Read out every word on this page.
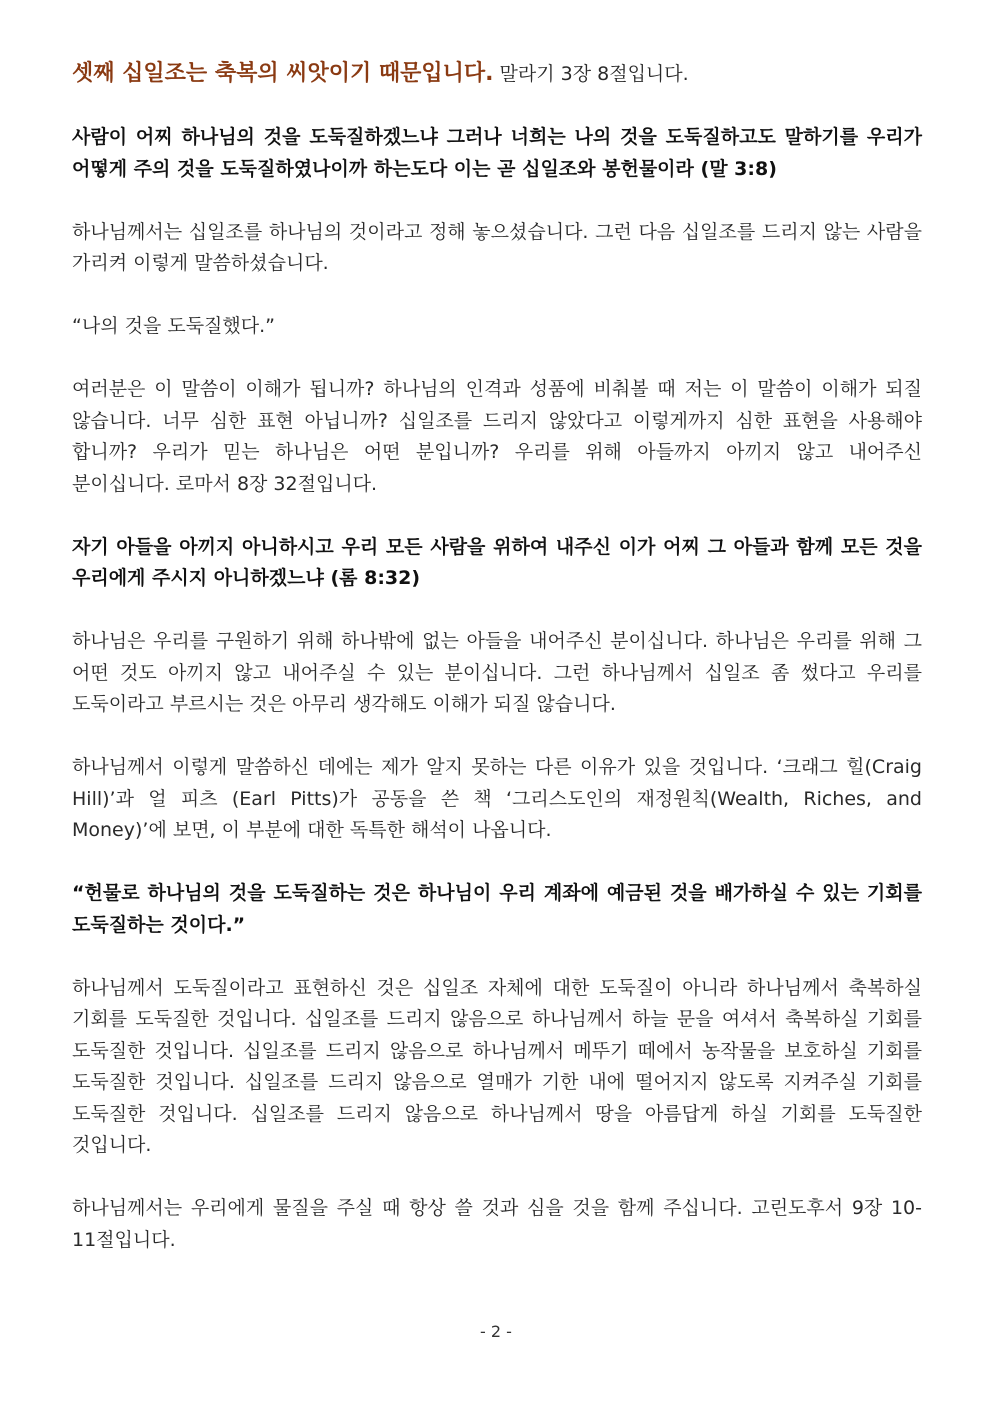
셋째 십일조는 축복의 씨앗이기 때문입니다. 말라기 3장 8절입니다.

사람이 어찌 하나님의 것을 도둑질하겠느냐 그러나 너희는 나의 것을 도둑질하고도 말하기를 우리가 어떻게 주의 것을 도둑질하였나이까 하는도다 이는 곧 십일조와 봉헌물이라 (말 3:8)

하나님께서는 십일조를 하나님의 것이라고 정해 놓으셨습니다. 그런 다음 십일조를 드리지 않는 사람을 가리켜 이렇게 말씀하셨습니다.

“나의 것을 도둑질했다.”

여러분은 이 말씀이 이해가 됩니까? 하나님의 인격과 성품에 비춰볼 때 저는 이 말씀이 이해가 되질 않습니다. 너무 심한 표현 아닙니까? 십일조를 드리지 않았다고 이렇게까지 심한 표현을 사용해야 합니까? 우리가 믿는 하나님은 어떤 분입니까? 우리를 위해 아들까지 아끼지 않고 내어주신 분이십니다. 로마서 8장 32절입니다.

자기 아들을 아끼지 아니하시고 우리 모든 사람을 위하여 내주신 이가 어찌 그 아들과 함께 모든 것을 우리에게 주시지 아니하겠느냐 (롬 8:32)

하나님은 우리를 구원하기 위해 하나밖에 없는 아들을 내어주신 분이십니다. 하나님은 우리를 위해 그 어떤 것도 아끼지 않고 내어주실 수 있는 분이십니다. 그런 하나님께서 십일조 좀 썼다고 우리를 도둑이라고 부르시는 것은 아무리 생각해도 이해가 되질 않습니다.

하나님께서 이렇게 말씀하신 데에는 제가 알지 못하는 다른 이유가 있을 것입니다. ‘크래그 힐(Craig Hill)’과 얼 피츠 (Earl Pitts)가 공동을 쓴 책 ‘그리스도인의 재정원칙(Wealth, Riches, and Money)’에 보면, 이 부분에 대한 독특한 해석이 나옵니다.

“헌물로 하나님의 것을 도둑질하는 것은 하나님이 우리 계좌에 예금된 것을 배가하실 수 있는 기회를 도둑질하는 것이다.”

하나님께서 도둑질이라고 표현하신 것은 십일조 자체에 대한 도둑질이 아니라 하나님께서 축복하실 기회를 도둑질한 것입니다. 십일조를 드리지 않음으로 하나님께서 하늘 문을 여셔서 축복하실 기회를 도둑질한 것입니다. 십일조를 드리지 않음으로 하나님께서 메뚜기 떼에서 농작물을 보호하실 기회를 도둑질한 것입니다. 십일조를 드리지 않음으로 열매가 기한 내에 떨어지지 않도록 지켜주실 기회를 도둑질한 것입니다. 십일조를 드리지 않음으로 하나님께서 땅을 아름답게 하실 기회를 도둑질한 것입니다.

하나님께서는 우리에게 물질을 주실 때 항상 쓸 것과 심을 것을 함께 주십니다. 고린도후서 9장 10-11절입니다.

- 2 -
